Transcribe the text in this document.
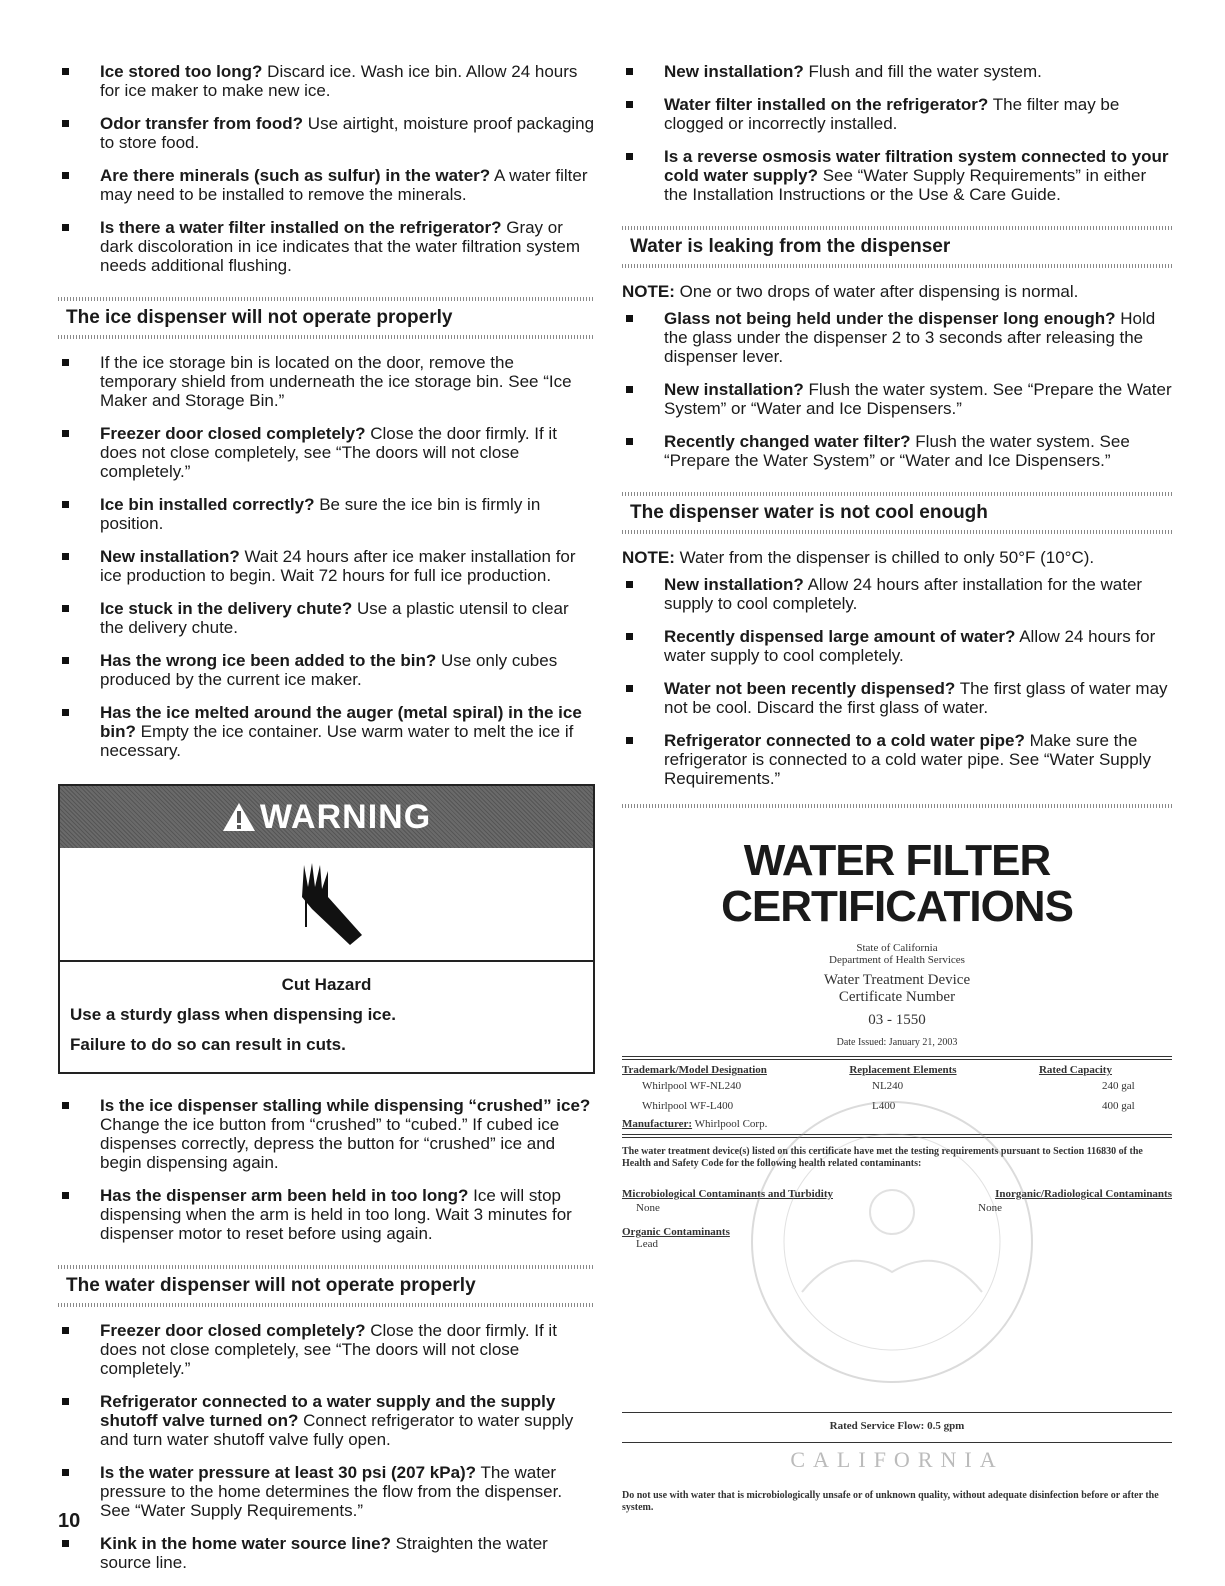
Ice stored too long? Discard ice. Wash ice bin. Allow 24 hours for ice maker to make new ice.
Odor transfer from food? Use airtight, moisture proof packaging to store food.
Are there minerals (such as sulfur) in the water? A water filter may need to be installed to remove the minerals.
Is there a water filter installed on the refrigerator? Gray or dark discoloration in ice indicates that the water filtration system needs additional flushing.
The ice dispenser will not operate properly
If the ice storage bin is located on the door, remove the temporary shield from underneath the ice storage bin. See “Ice Maker and Storage Bin.”
Freezer door closed completely? Close the door firmly. If it does not close completely, see “The doors will not close completely.”
Ice bin installed correctly? Be sure the ice bin is firmly in position.
New installation? Wait 24 hours after ice maker installation for ice production to begin. Wait 72 hours for full ice production.
Ice stuck in the delivery chute? Use a plastic utensil to clear the delivery chute.
Has the wrong ice been added to the bin? Use only cubes produced by the current ice maker.
Has the ice melted around the auger (metal spiral) in the ice bin? Empty the ice container. Use warm water to melt the ice if necessary.
WARNING
Cut Hazard
Use a sturdy glass when dispensing ice.
Failure to do so can result in cuts.
Is the ice dispenser stalling while dispensing “crushed” ice? Change the ice button from “crushed” to “cubed.” If cubed ice dispenses correctly, depress the button for “crushed” ice and begin dispensing again.
Has the dispenser arm been held in too long? Ice will stop dispensing when the arm is held in too long. Wait 3 minutes for dispenser motor to reset before using again.
The water dispenser will not operate properly
Freezer door closed completely? Close the door firmly. If it does not close completely, see “The doors will not close completely.”
Refrigerator connected to a water supply and the supply shutoff valve turned on? Connect refrigerator to water supply and turn water shutoff valve fully open.
Is the water pressure at least 30 psi (207 kPa)? The water pressure to the home determines the flow from the dispenser. See “Water Supply Requirements.”
Kink in the home water source line? Straighten the water source line.
New installation? Flush and fill the water system.
Water filter installed on the refrigerator? The filter may be clogged or incorrectly installed.
Is a reverse osmosis water filtration system connected to your cold water supply? See “Water Supply Requirements” in either the Installation Instructions or the Use & Care Guide.
Water is leaking from the dispenser

NOTE: One or two drops of water after dispensing is normal.

Glass not being held under the dispenser long enough? Hold the glass under the dispenser 2 to 3 seconds after releasing the dispenser lever.
New installation? Flush the water system. See “Prepare the Water System” or “Water and Ice Dispensers.”
Recently changed water filter? Flush the water system. See “Prepare the Water System” or “Water and Ice Dispensers.”
The dispenser water is not cool enough

NOTE: Water from the dispenser is chilled to only 50°F (10°C).

New installation? Allow 24 hours after installation for the water supply to cool completely.
Recently dispensed large amount of water? Allow 24 hours for water supply to cool completely.
Water not been recently dispensed? The first glass of water may not be cool. Discard the first glass of water.
Refrigerator connected to a cold water pipe? Make sure the refrigerator is connected to a cold water pipe. See “Water Supply Requirements.”
WATER FILTER
CERTIFICATIONS
State of California
Department of Health Services
Water Treatment Device
Certificate Number
03 - 1550
Date Issued: January 21, 2003
Trademark/Model Designation	Replacement Elements	Rated Capacity
Whirlpool WF-NL240	NL240	240 gal
Whirlpool WF-L400	L400	400 gal
Manufacturer: Whirlpool Corp.
The water treatment device(s) listed on this certificate have met the testing requirements pursuant to Section 116830 of the Health and Safety Code for the following health related contaminants:
Microbiological Contaminants and Turbidity	Inorganic/Radiological Contaminants
None	None
Organic Contaminants
Lead
Rated Service Flow: 0.5 gpm
CALIFORNIA
Do not use with water that is microbiologically unsafe or of unknown quality, without adequate disinfection before or after the system.
10
